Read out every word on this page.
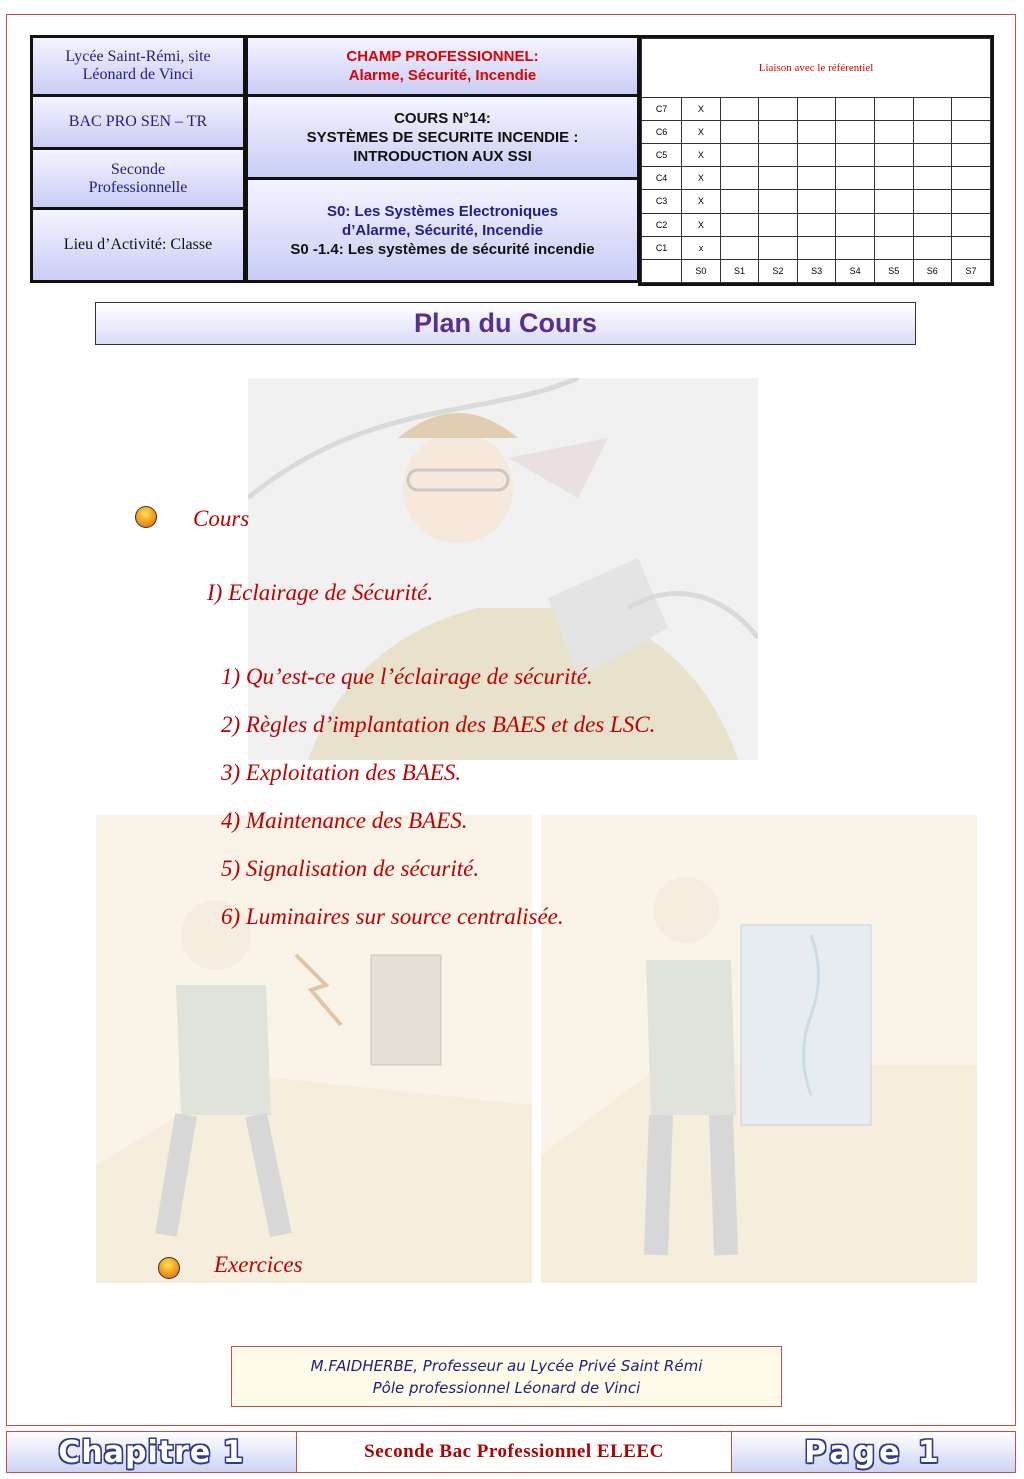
Lycée Saint-Rémi, site Léonard de Vinci
BAC PRO SEN – TR
Seconde Professionnelle
Lieu d’Activité: Classe
CHAMP PROFESSIONNEL:
Alarme, Sécurité, Incendie
COURS N°14:
SYSTÈMES DE SECURITE INCENDIE : INTRODUCTION AUX SSI
S0: Les Systèmes Electroniques d’Alarme, Sécurité, Incendie
S0 -1.4: Les systèmes de sécurité incendie
Liaison avec le référentiel								
C7	X							
C6	X							
C5	X							
C4	X							
C3	X							
C2	X							
C1	x							
	S0	S1	S2	S3	S4	S5	S6	S7
Plan du Cours
Cours
I) Eclairage de Sécurité.
1) Qu’est-ce que l’éclairage de sécurité.
2) Règles d’implantation des BAES et des LSC.
3) Exploitation des BAES.
4) Maintenance des BAES.
5) Signalisation de sécurité.
6) Luminaires sur source centralisée.
Exercices
M.FAIDHERBE, Professeur au Lycée Privé Saint Rémi
Pôle professionnel Léonard de Vinci
Chapitre 1	Seconde Bac Professionnel ELEEC	Page 1
